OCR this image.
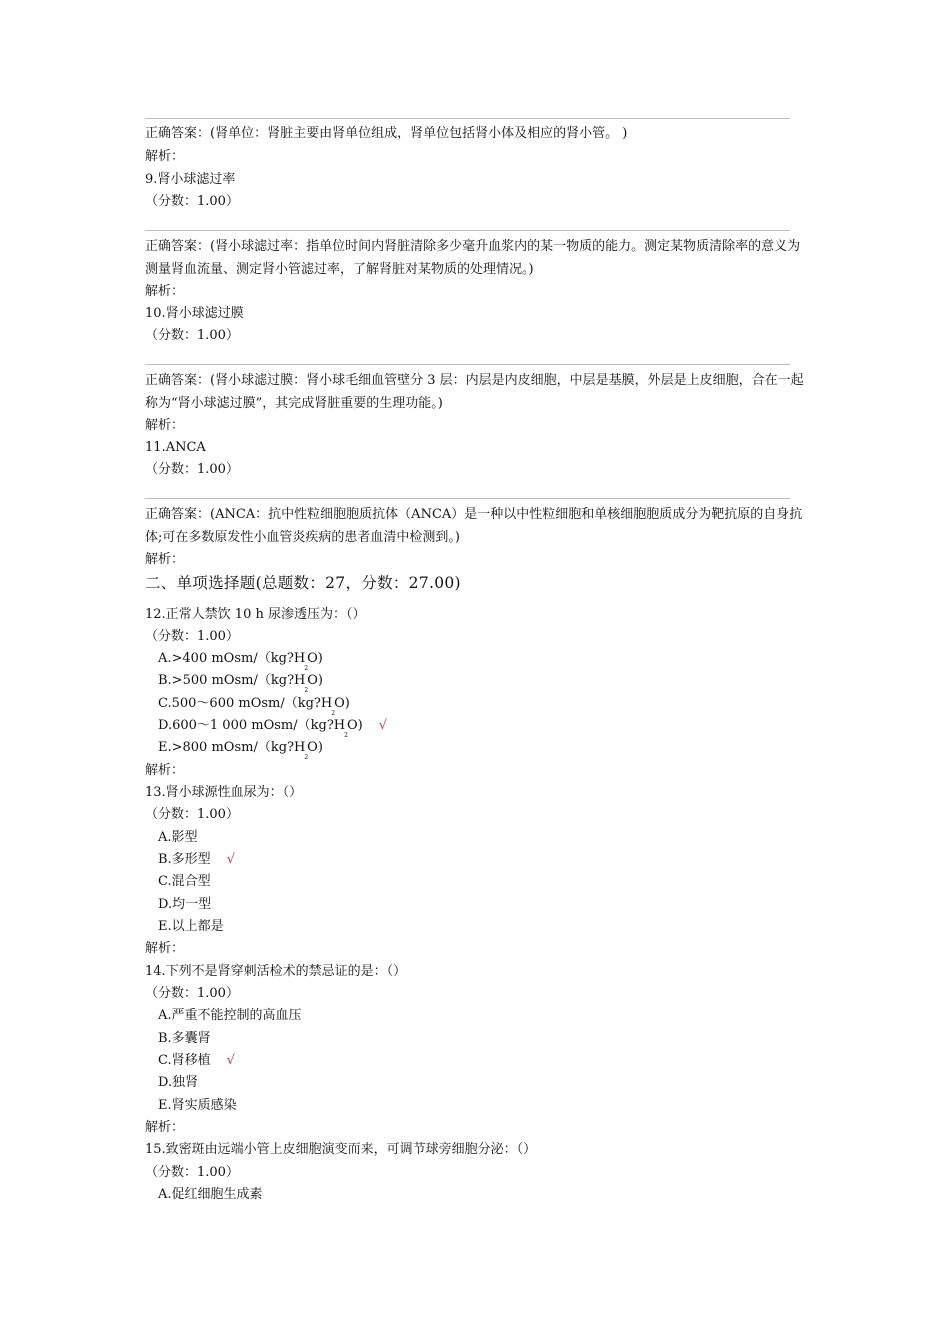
正确答案：(肾单位：肾脏主要由肾单位组成，肾单位包括肾小体及相应的肾小管。 )
解析：
9.肾小球滤过率
（分数：1.00）
正确答案：(肾小球滤过率：指单位时间内肾脏清除多少毫升血浆内的某一物质的能力。测定某物质清除率的意义为测量肾血流量、测定肾小管滤过率，了解肾脏对某物质的处理情况。)
解析：
10.肾小球滤过膜
（分数：1.00）
正确答案：(肾小球滤过膜：肾小球毛细血管壁分 3 层：内层是内皮细胞，中层是基膜，外层是上皮细胞，合在一起称为“肾小球滤过膜”，其完成肾脏重要的生理功能。)
解析：
11.ANCA
（分数：1.00）
正确答案：(ANCA：抗中性粒细胞胞质抗体（ANCA）是一种以中性粒细胞和单核细胞胞质成分为靶抗原的自身抗体;可在多数原发性小血管炎疾病的患者血清中检测到。)
解析：
二、单项选择题(总题数：27，分数：27.00)
12.正常人禁饮 10 h 尿渗透压为：（）
（分数：1.00）
A.>400 mOsm/$(kg?H_2O)$
B.>500 mOsm/$(kg?H_2O)$
C.500～600 mOsm/$(kg?H_2O)$
D.600～1 000 mOsm/$(kg?H_2O)$ √
E.>800 mOsm/$(kg?H_2O)$
解析：
13.肾小球源性血尿为：（）
（分数：1.00）
A.影型
B.多形型 √
C.混合型
D.均一型
E.以上都是
解析：
14.下列不是肾穿刺活检术的禁忌证的是：（）
（分数：1.00）
A.严重不能控制的高血压
B.多囊肾
C.肾移植 √
D.独肾
E.肾实质感染
解析：
15.致密斑由远端小管上皮细胞演变而来，可调节球旁细胞分泌：（）
（分数：1.00）
A.促红细胞生成素
